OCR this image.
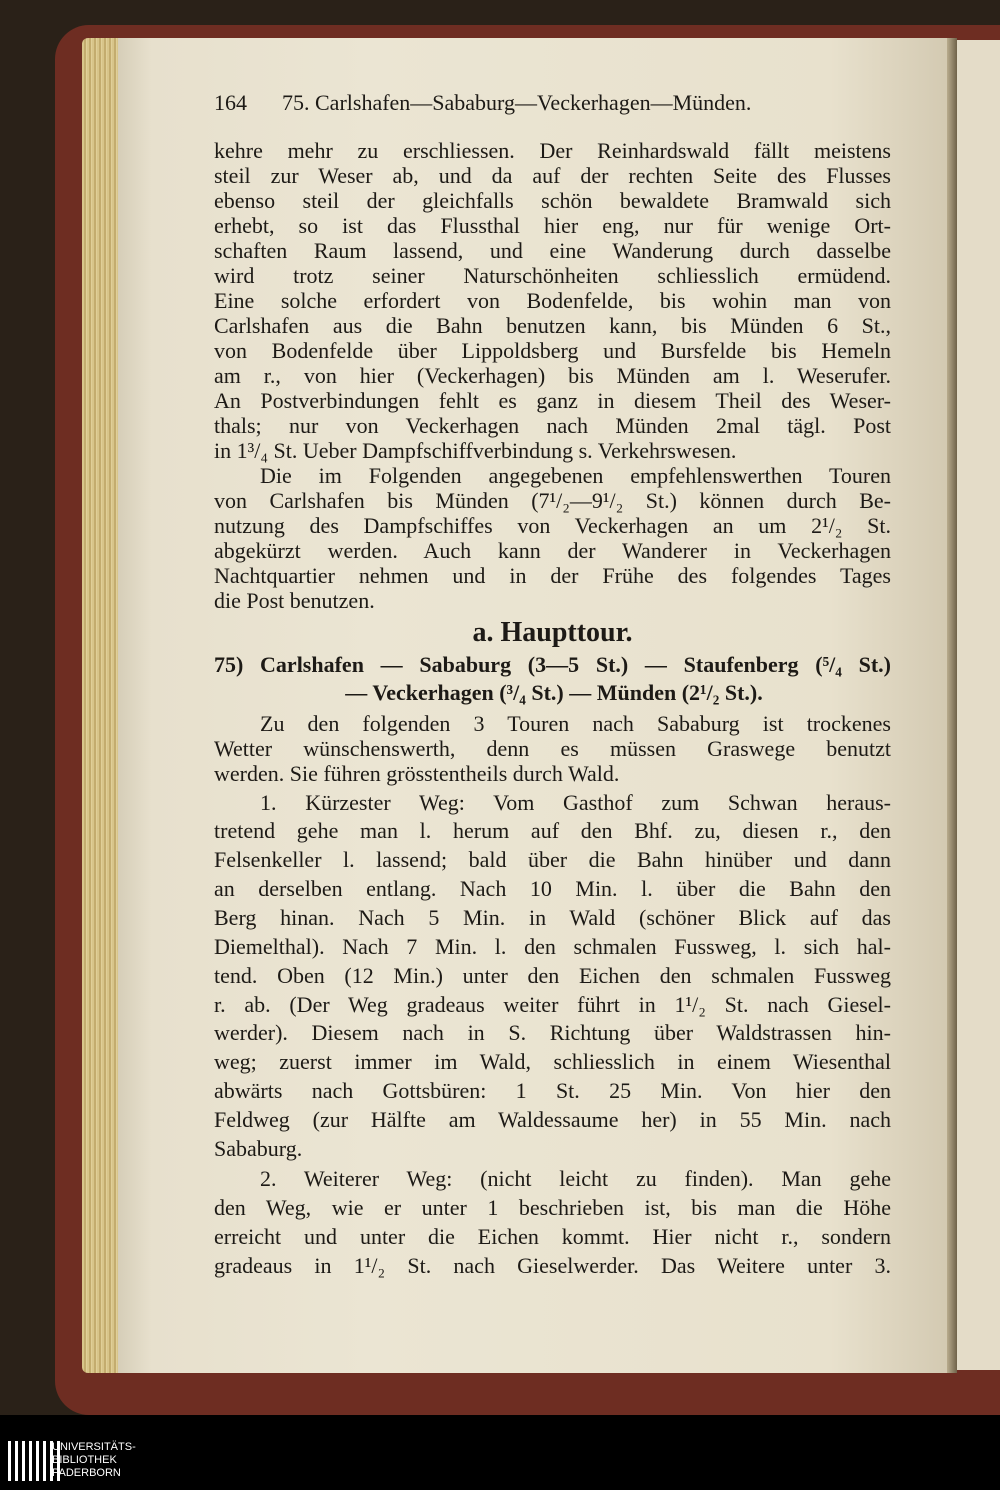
164 75. Carlshafen—Sababurg—Veckerhagen—Münden.
kehre mehr zu erschliessen. Der Reinhardswald fällt meistens
steil zur Weser ab, und da auf der rechten Seite des Flusses
ebenso steil der gleichfalls schön bewaldete Bramwald sich
erhebt, so ist das Flussthal hier eng, nur für wenige Ort-
schaften Raum lassend, und eine Wanderung durch dasselbe
wird trotz seiner Naturschönheiten schliesslich ermüdend.
Eine solche erfordert von Bodenfelde, bis wohin man von
Carlshafen aus die Bahn benutzen kann, bis Münden 6 St.,
von Bodenfelde über Lippoldsberg und Bursfelde bis Hemeln
am r., von hier (Veckerhagen) bis Münden am l. Weserufer.
An Postverbindungen fehlt es ganz in diesem Theil des Weser-
thals; nur von Veckerhagen nach Münden 2mal tägl. Post
in 1³/₄ St. Ueber Dampfschiffverbindung s. Verkehrswesen.
Die im Folgenden angegebenen empfehlenswerthen Touren
von Carlshafen bis Münden (7¹/₂—9¹/₂ St.) können durch Be-
nutzung des Dampfschiffes von Veckerhagen an um 2¹/₂ St.
abgekürzt werden. Auch kann der Wanderer in Veckerhagen
Nachtquartier nehmen und in der Frühe des folgendes Tages
die Post benutzen.
a. Haupttour.
75) Carlshafen — Sababurg (3—5 St.) — Staufenberg (⁵/₄ St.)
— Veckerhagen (³/₄ St.) — Münden (2¹/₂ St.).
Zu den folgenden 3 Touren nach Sababurg ist trockenes
Wetter wünschenswerth, denn es müssen Graswege benutzt
werden. Sie führen grösstentheils durch Wald.
1. Kürzester Weg: Vom Gasthof zum Schwan heraus-
tretend gehe man l. herum auf den Bhf. zu, diesen r., den
Felsenkeller l. lassend; bald über die Bahn hinüber und dann
an derselben entlang. Nach 10 Min. l. über die Bahn den
Berg hinan. Nach 5 Min. in Wald (schöner Blick auf das
Diemelthal). Nach 7 Min. l. den schmalen Fussweg, l. sich hal-
tend. Oben (12 Min.) unter den Eichen den schmalen Fussweg
r. ab. (Der Weg gradeaus weiter führt in 1¹/₂ St. nach Giesel-
werder). Diesem nach in S. Richtung über Waldstrassen hin-
weg; zuerst immer im Wald, schliesslich in einem Wiesenthal
abwärts nach Gottsbüren: 1 St. 25 Min. Von hier den
Feldweg (zur Hälfte am Waldessaume her) in 55 Min. nach
Sababurg.
2. Weiterer Weg: (nicht leicht zu finden). Man gehe
den Weg, wie er unter 1 beschrieben ist, bis man die Höhe
erreicht und unter die Eichen kommt. Hier nicht r., sondern
gradeaus in 1¹/₂ St. nach Gieselwerder. Das Weitere unter 3.
UNIVERSITÄTS-
BIBLIOTHEK
PADERBORN
